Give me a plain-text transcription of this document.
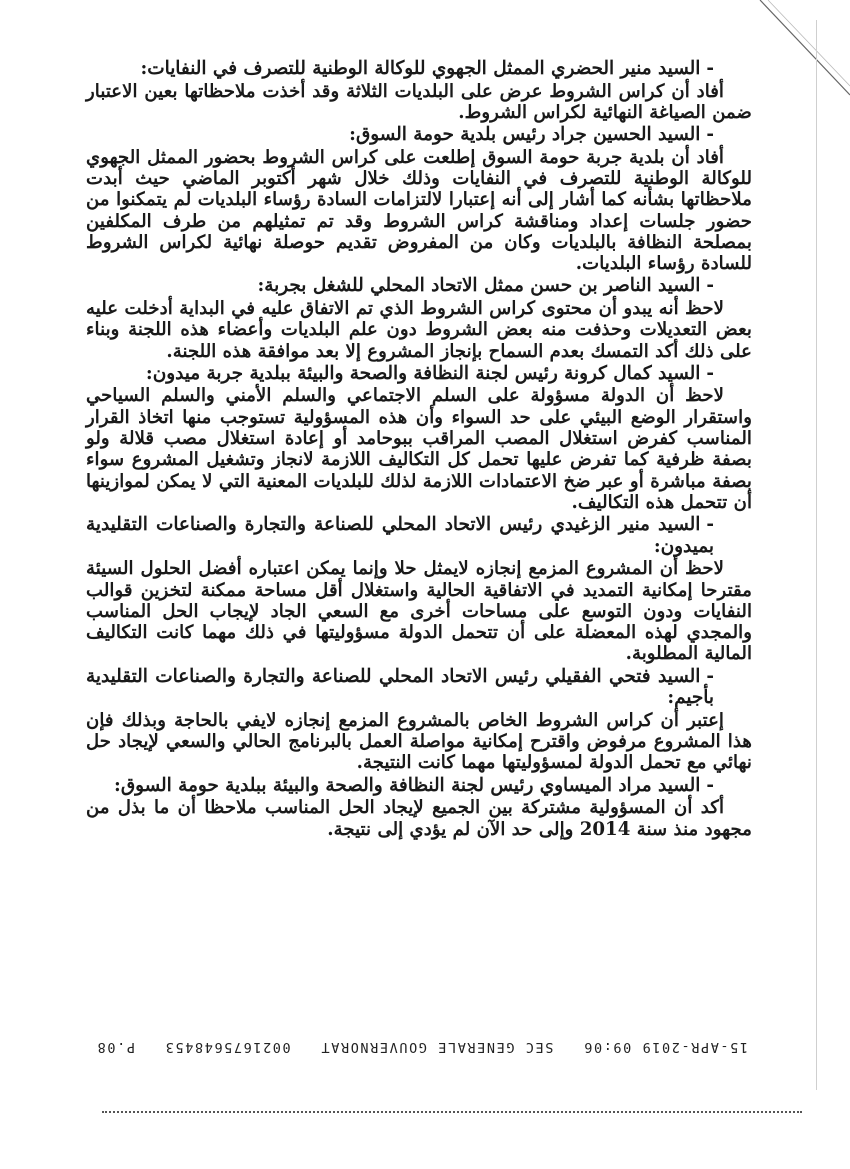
-السيد منير الحضري الممثل الجهوي للوكالة الوطنية للتصرف في النفايات:

أفاد أن كراس الشروط عرض على البلديات الثلاثة وقد أخذت ملاحظاتها بعين الاعتبار ضمن الصياغة النهائية لكراس الشروط.

-السيد الحسين جراد رئيس بلدية حومة السوق:

أفاد أن بلدية جربة حومة السوق إطلعت على كراس الشروط بحضور الممثل الجهوي للوكالة الوطنية للتصرف في النفايات وذلك خلال شهر أكتوبر الماضي حيث أبدت ملاحظاتها بشأنه كما أشار إلى أنه إعتبارا لالتزامات السادة رؤساء البلديات لم يتمكنوا من حضور جلسات إعداد ومناقشة كراس الشروط وقد تم تمثيلهم من طرف المكلفين بمصلحة النظافة بالبلديات وكان من المفروض تقديم حوصلة نهائية لكراس الشروط للسادة رؤساء البلديات.

-السيد الناصر بن حسن ممثل الاتحاد المحلي للشغل بجربة:

لاحظ أنه يبدو أن محتوى كراس الشروط الذي تم الاتفاق عليه في البداية أدخلت عليه بعض التعديلات وحذفت منه بعض الشروط دون علم البلديات وأعضاء هذه اللجنة وبناء على ذلك أكد التمسك بعدم السماح بإنجاز المشروع إلا بعد موافقة هذه اللجنة.

-السيد كمال كرونة رئيس لجنة النظافة والصحة والبيئة ببلدية جربة ميدون:

لاحظ أن الدولة مسؤولة على السلم الاجتماعي والسلم الأمني والسلم السياحي واستقرار الوضع البيئي على حد السواء وأن هذه المسؤولية تستوجب منها اتخاذ القرار المناسب كفرض استغلال المصب المراقب ببوحامد أو إعادة استغلال مصب قلالة ولو بصفة ظرفية كما تفرض عليها تحمل كل التكاليف اللازمة لانجاز وتشغيل المشروع سواء بصفة مباشرة أو عبر ضخ الاعتمادات اللازمة لذلك للبلديات المعنية التي لا يمكن لموازينها أن تتحمل هذه التكاليف.

-السيد منير الزغيدي رئيس الاتحاد المحلي للصناعة والتجارة والصناعات التقليدية بميدون:

لاحظ أن المشروع المزمع إنجازه لايمثل حلا وإنما يمكن اعتباره أفضل الحلول السيئة مقترحا إمكانية التمديد في الاتفاقية الحالية واستغلال أقل مساحة ممكنة لتخزين قوالب النفايات ودون التوسع على مساحات أخرى مع السعي الجاد لإيجاب الحل المناسب والمجدي لهذه المعضلة على أن تتحمل الدولة مسؤوليتها في ذلك مهما كانت التكاليف المالية المطلوبة.

-السيد فتحي الفقيلي رئيس الاتحاد المحلي للصناعة والتجارة والصناعات التقليدية بأجيم:

إعتبر أن كراس الشروط الخاص بالمشروع المزمع إنجازه لايفي بالحاجة وبذلك فإن هذا المشروع مرفوض واقترح إمكانية مواصلة العمل بالبرنامج الحالي والسعي لإيجاد حل نهائي مع تحمل الدولة لمسؤوليتها مهما كانت النتيجة.

-السيد مراد الميساوي رئيس لجنة النظافة والصحة والبيئة ببلدية حومة السوق:

أكد أن المسؤولية مشتركة بين الجميع لإيجاد الحل المناسب ملاحظا أن ما بذل من مجهود منذ سنة 2014 وإلى حد الآن لم يؤدي إلى نتيجة.

15-APR-2019 09:06
SEC GENERALE GOUVERNORAT
0021675648453
P.08
